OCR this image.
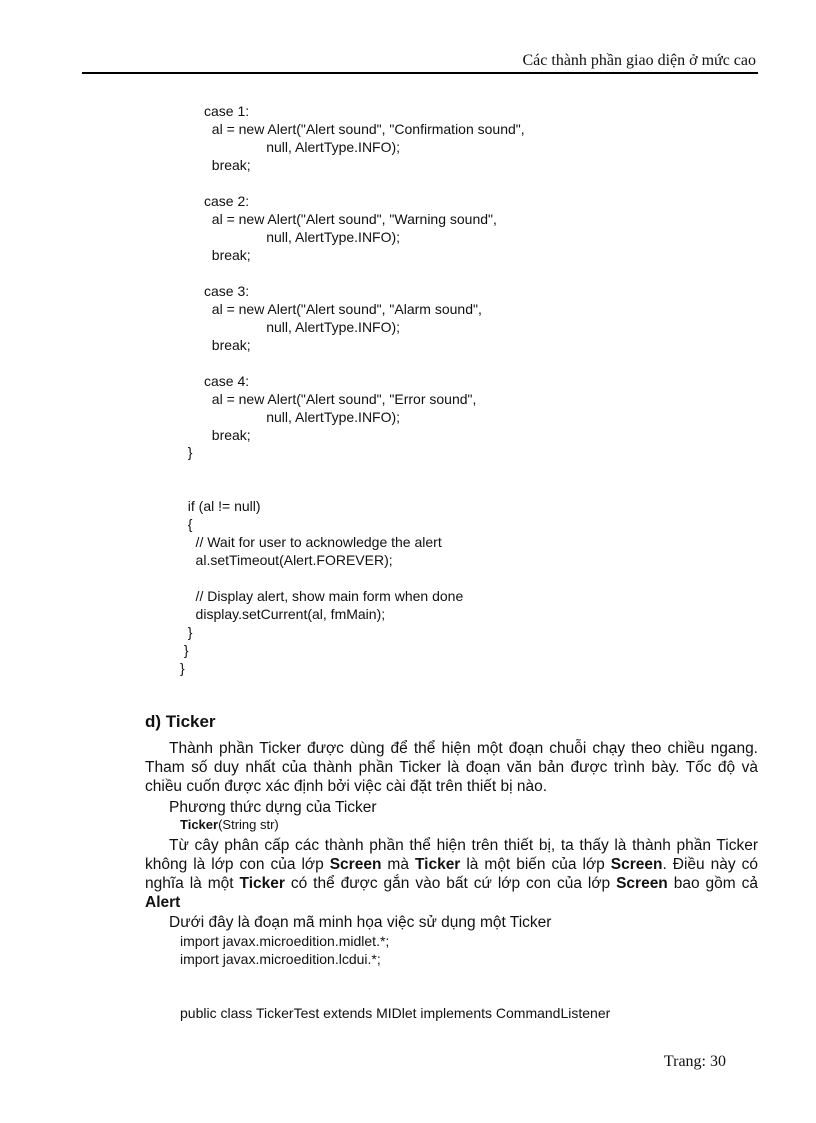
Các thành phần giao diện ở mức cao
case 1:
al = new Alert("Alert sound", "Confirmation sound",
null, AlertType.INFO);
break;

case 2:
al = new Alert("Alert sound", "Warning sound",
null, AlertType.INFO);
break;

case 3:
al = new Alert("Alert sound", "Alarm sound",
null, AlertType.INFO);
break;

case 4:
al = new Alert("Alert sound", "Error sound",
null, AlertType.INFO);
break;
}

if (al != null)
{
// Wait for user to acknowledge the alert
al.setTimeout(Alert.FOREVER);

// Display alert, show main form when done
display.setCurrent(al, fmMain);
}
}
}
d) Ticker

Thành phần Ticker được dùng để thể hiện một đoạn chuỗi chạy theo chiều ngang. Tham số duy nhất của thành phần Ticker là đoạn văn bản được trình bày. Tốc độ và chiều cuốn được xác định bởi việc cài đặt trên thiết bị nào.

Phương thức dựng của Ticker

Ticker(String str)

Từ cây phân cấp các thành phần thể hiện trên thiết bị, ta thấy là thành phần Ticker không là lớp con của lớp Screen mà Ticker là một biến của lớp Screen. Điều này có nghĩa là một Ticker có thể được gắn vào bất cứ lớp con của lớp Screen bao gồm cả Alert

Dưới đây là đoạn mã minh họa việc sử dụng một Ticker

import javax.microedition.midlet.*;
import javax.microedition.lcdui.*;

public class TickerTest extends MIDlet implements CommandListener
Trang: 30
